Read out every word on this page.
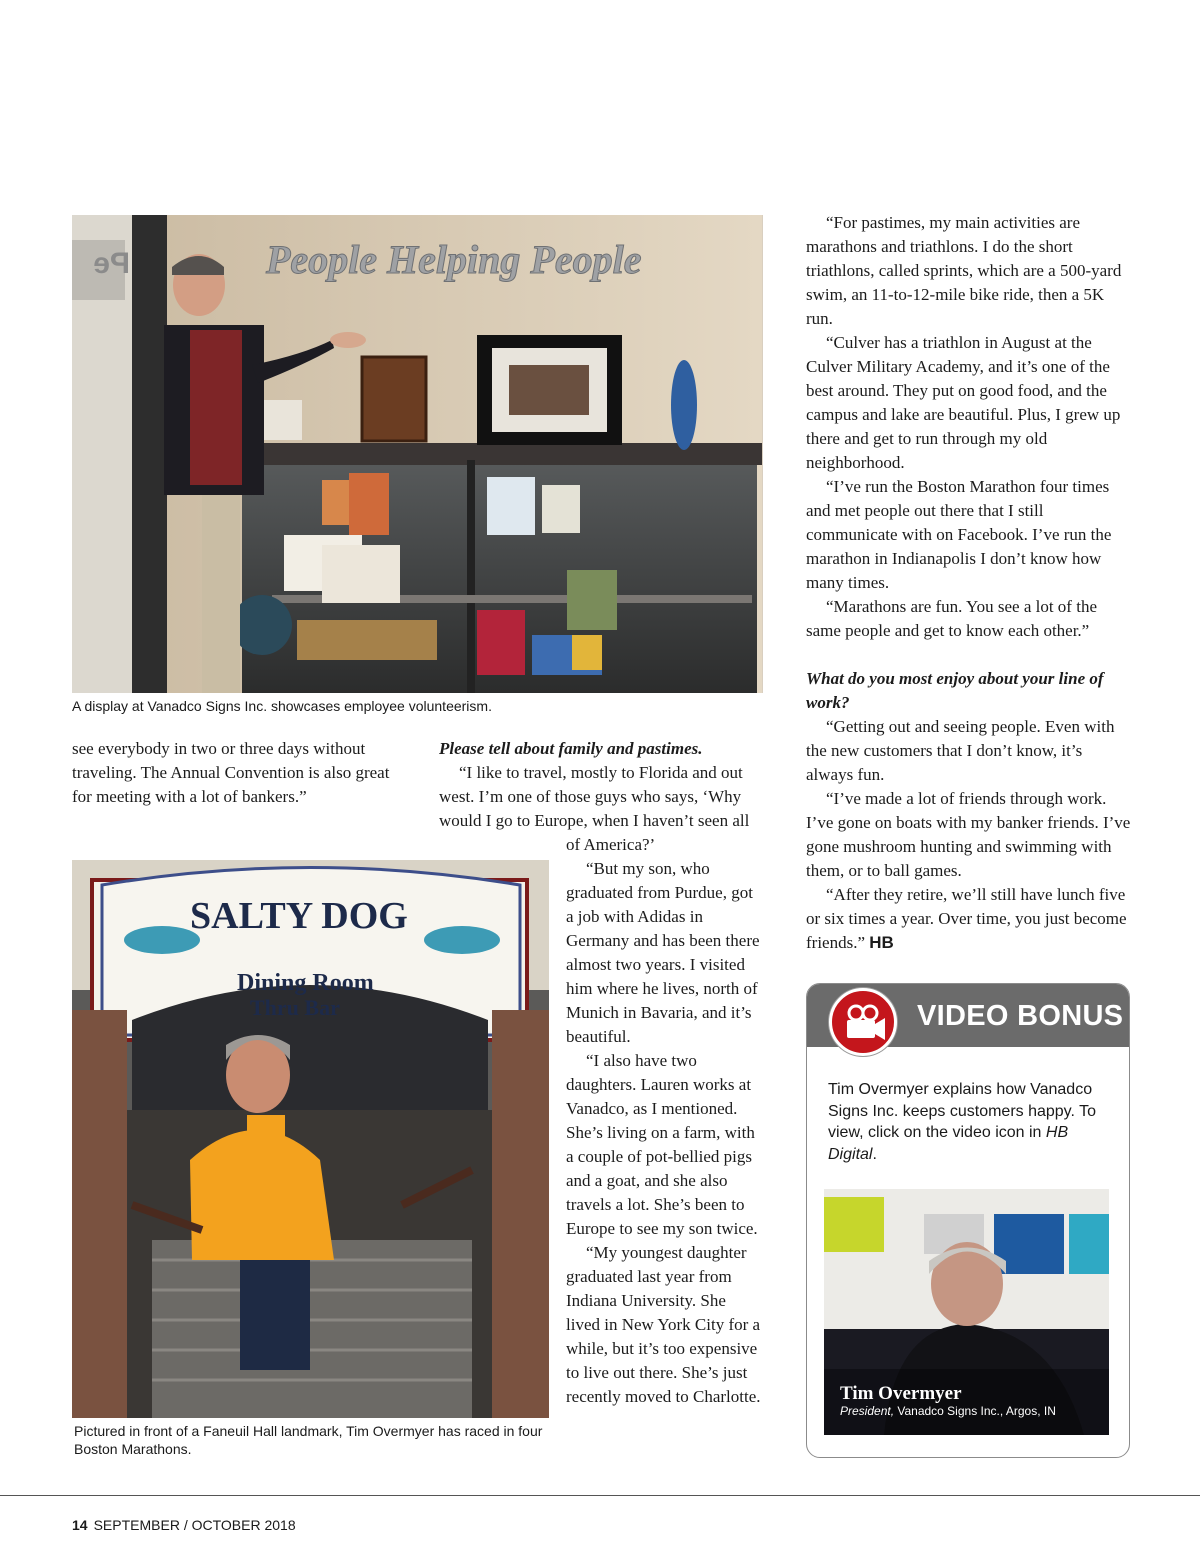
People Helping People
Pe
A display at Vanadco Signs Inc. showcases employee volunteerism.

see everybody in two or three days without traveling. The Annual Convention is also great for meeting with a lot of bankers.”

Please tell about family and pastimes.

“I like to travel, mostly to Florida and out west. I’m one of those guys who says, ‘Why would I go to Europe, when I haven’t seen all

of America?’

“But my son, who graduated from Purdue, got a job with Adidas in Germany and has been there almost two years. I visited him where he lives, north of Munich in Bavaria, and it’s beautiful.

“I also have two daughters. Lauren works at Vanadco, as I mentioned. She’s living on a farm, with a couple of pot-bellied pigs and a goat, and she also travels a lot. She’s been to Europe to see my son twice.

“My youngest daughter graduated last year from Indiana University. She lived in New York City for a while, but it’s too expensive to live out there. She’s just recently moved to Charlotte.

SALTY DOG
Dining Room
Thru Bar
Pictured in front of a Faneuil Hall landmark, Tim Overmyer has raced in four Boston Marathons.

“For pastimes, my main activities are marathons and triathlons. I do the short triathlons, called sprints, which are a 500-yard swim, an 11-to-12-mile bike ride, then a 5K run.

“Culver has a triathlon in August at the Culver Military Academy, and it’s one of the best around. They put on good food, and the campus and lake are beautiful. Plus, I grew up there and get to run through my old neighborhood.

“I’ve run the Boston Marathon four times and met people out there that I still communicate with on Facebook. I’ve run the marathon in Indianapolis I don’t know how many times.

“Marathons are fun. You see a lot of the same people and get to know each other.”

What do you most enjoy about your line of work?

“Getting out and seeing people. Even with the new customers that I don’t know, it’s always fun.

“I’ve made a lot of friends through work. I’ve gone on boats with my banker friends. I’ve gone mushroom hunting and swimming with them, or to ball games.

“After they retire, we’ll still have lunch five or six times a year. Over time, you just become friends.” HB

VIDEO BONUS
Tim Overmyer explains how Vanadco Signs Inc. keeps customers happy. To view, click on the video icon in HB Digital.
Tim Overmyer
President, Vanadco Signs Inc., Argos, IN
14 SEPTEMBER / OCTOBER 2018
